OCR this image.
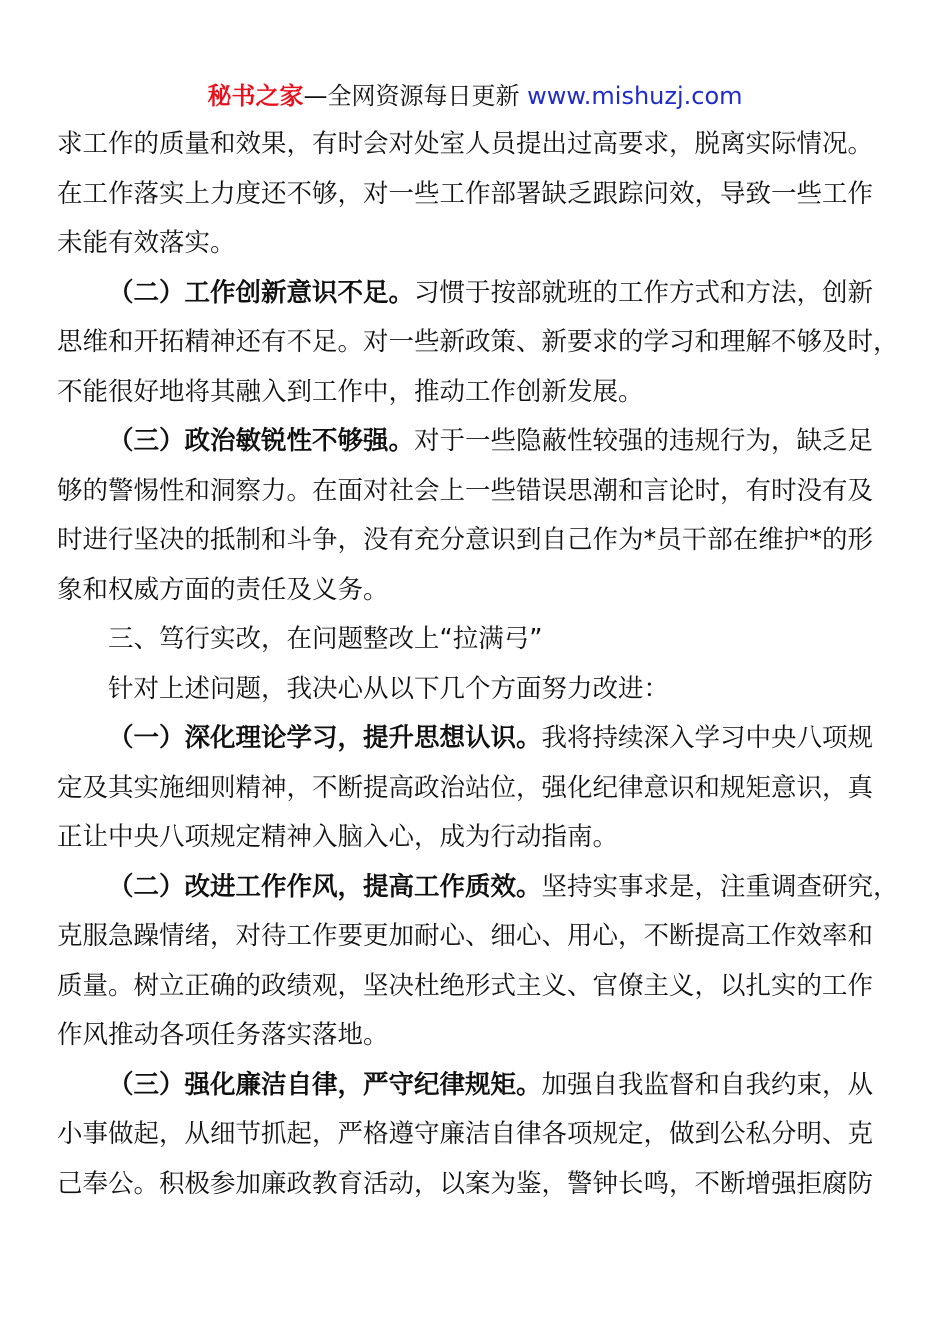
秘书之家—全网资源每日更新 www.mishuzj.com
求工作的质量和效果，有时会对处室人员提出过高要求，脱离实际情况。
在工作落实上力度还不够，对一些工作部署缺乏跟踪问效，导致一些工作
未能有效落实。
（二）工作创新意识不足。习惯于按部就班的工作方式和方法，创新
思维和开拓精神还有不足。对一些新政策、新要求的学习和理解不够及时，
不能很好地将其融入到工作中，推动工作创新发展。
（三）政治敏锐性不够强。对于一些隐蔽性较强的违规行为，缺乏足
够的警惕性和洞察力。在面对社会上一些错误思潮和言论时，有时没有及
时进行坚决的抵制和斗争，没有充分意识到自己作为*员干部在维护*的形
象和权威方面的责任及义务。
三、笃行实改，在问题整改上“拉满弓”
针对上述问题，我决心从以下几个方面努力改进：
（一）深化理论学习，提升思想认识。我将持续深入学习中央八项规
定及其实施细则精神，不断提高政治站位，强化纪律意识和规矩意识，真
正让中央八项规定精神入脑入心，成为行动指南。
（二）改进工作作风，提高工作质效。坚持实事求是，注重调查研究，
克服急躁情绪，对待工作要更加耐心、细心、用心，不断提高工作效率和
质量。树立正确的政绩观，坚决杜绝形式主义、官僚主义，以扎实的工作
作风推动各项任务落实落地。
（三）强化廉洁自律，严守纪律规矩。加强自我监督和自我约束，从
小事做起，从细节抓起，严格遵守廉洁自律各项规定，做到公私分明、克
己奉公。积极参加廉政教育活动，以案为鉴，警钟长鸣，不断增强拒腐防
